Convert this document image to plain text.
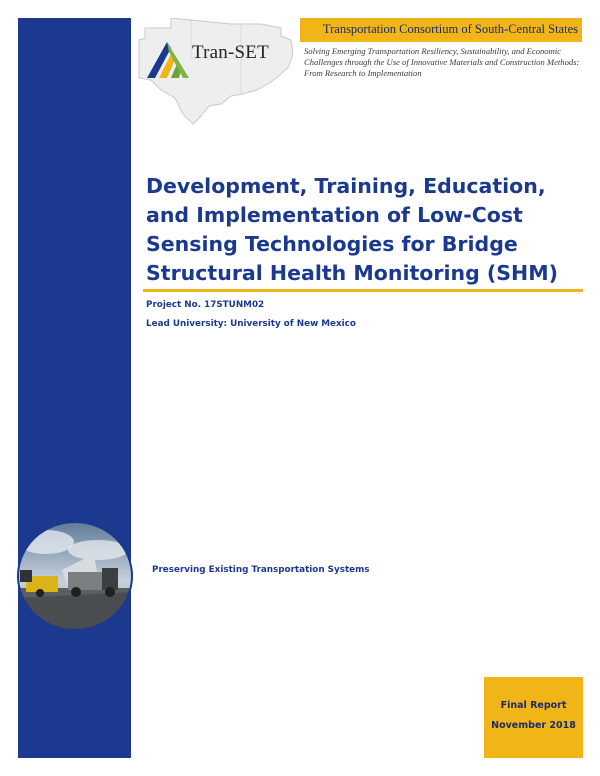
Tran-SET
Transportation Consortium of South-Central States
Solving Emerging Transportation Resiliency, Sustainability, and Economic Challenges through the Use of Innovative Materials and Construction Methods: From Research to Implementation
Development, Training, Education, and Implementation of Low-Cost Sensing Technologies for Bridge Structural Health Monitoring (SHM)
Project No. 17STUNM02
Lead University: University of New Mexico
Preserving Existing Transportation Systems
Final Report
November 2018
